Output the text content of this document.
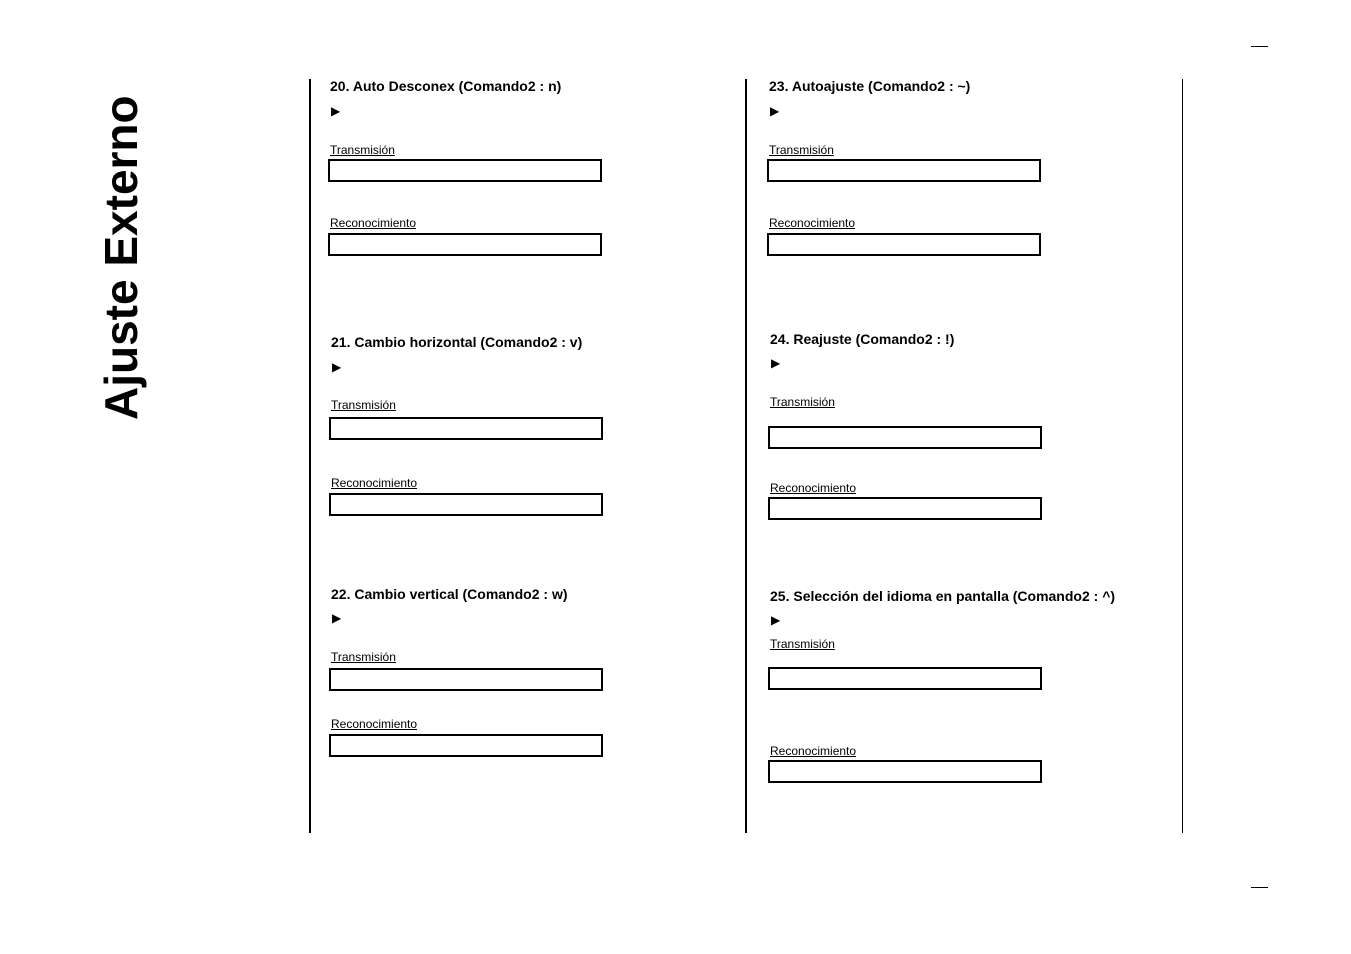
Ajuste Externo
20. Auto Desconex (Comando2 : n)
▶
Transmisión
Reconocimiento
21. Cambio horizontal (Comando2 : v)
▶
Transmisión
Reconocimiento
22. Cambio vertical (Comando2 : w)
▶
Transmisión
Reconocimiento
23. Autoajuste (Comando2 : ~)
▶
Transmisión
Reconocimiento
24. Reajuste (Comando2 : !)
▶
Transmisión
Reconocimiento
25. Selección del idioma en pantalla (Comando2 : ^)
▶
Transmisión
Reconocimiento
